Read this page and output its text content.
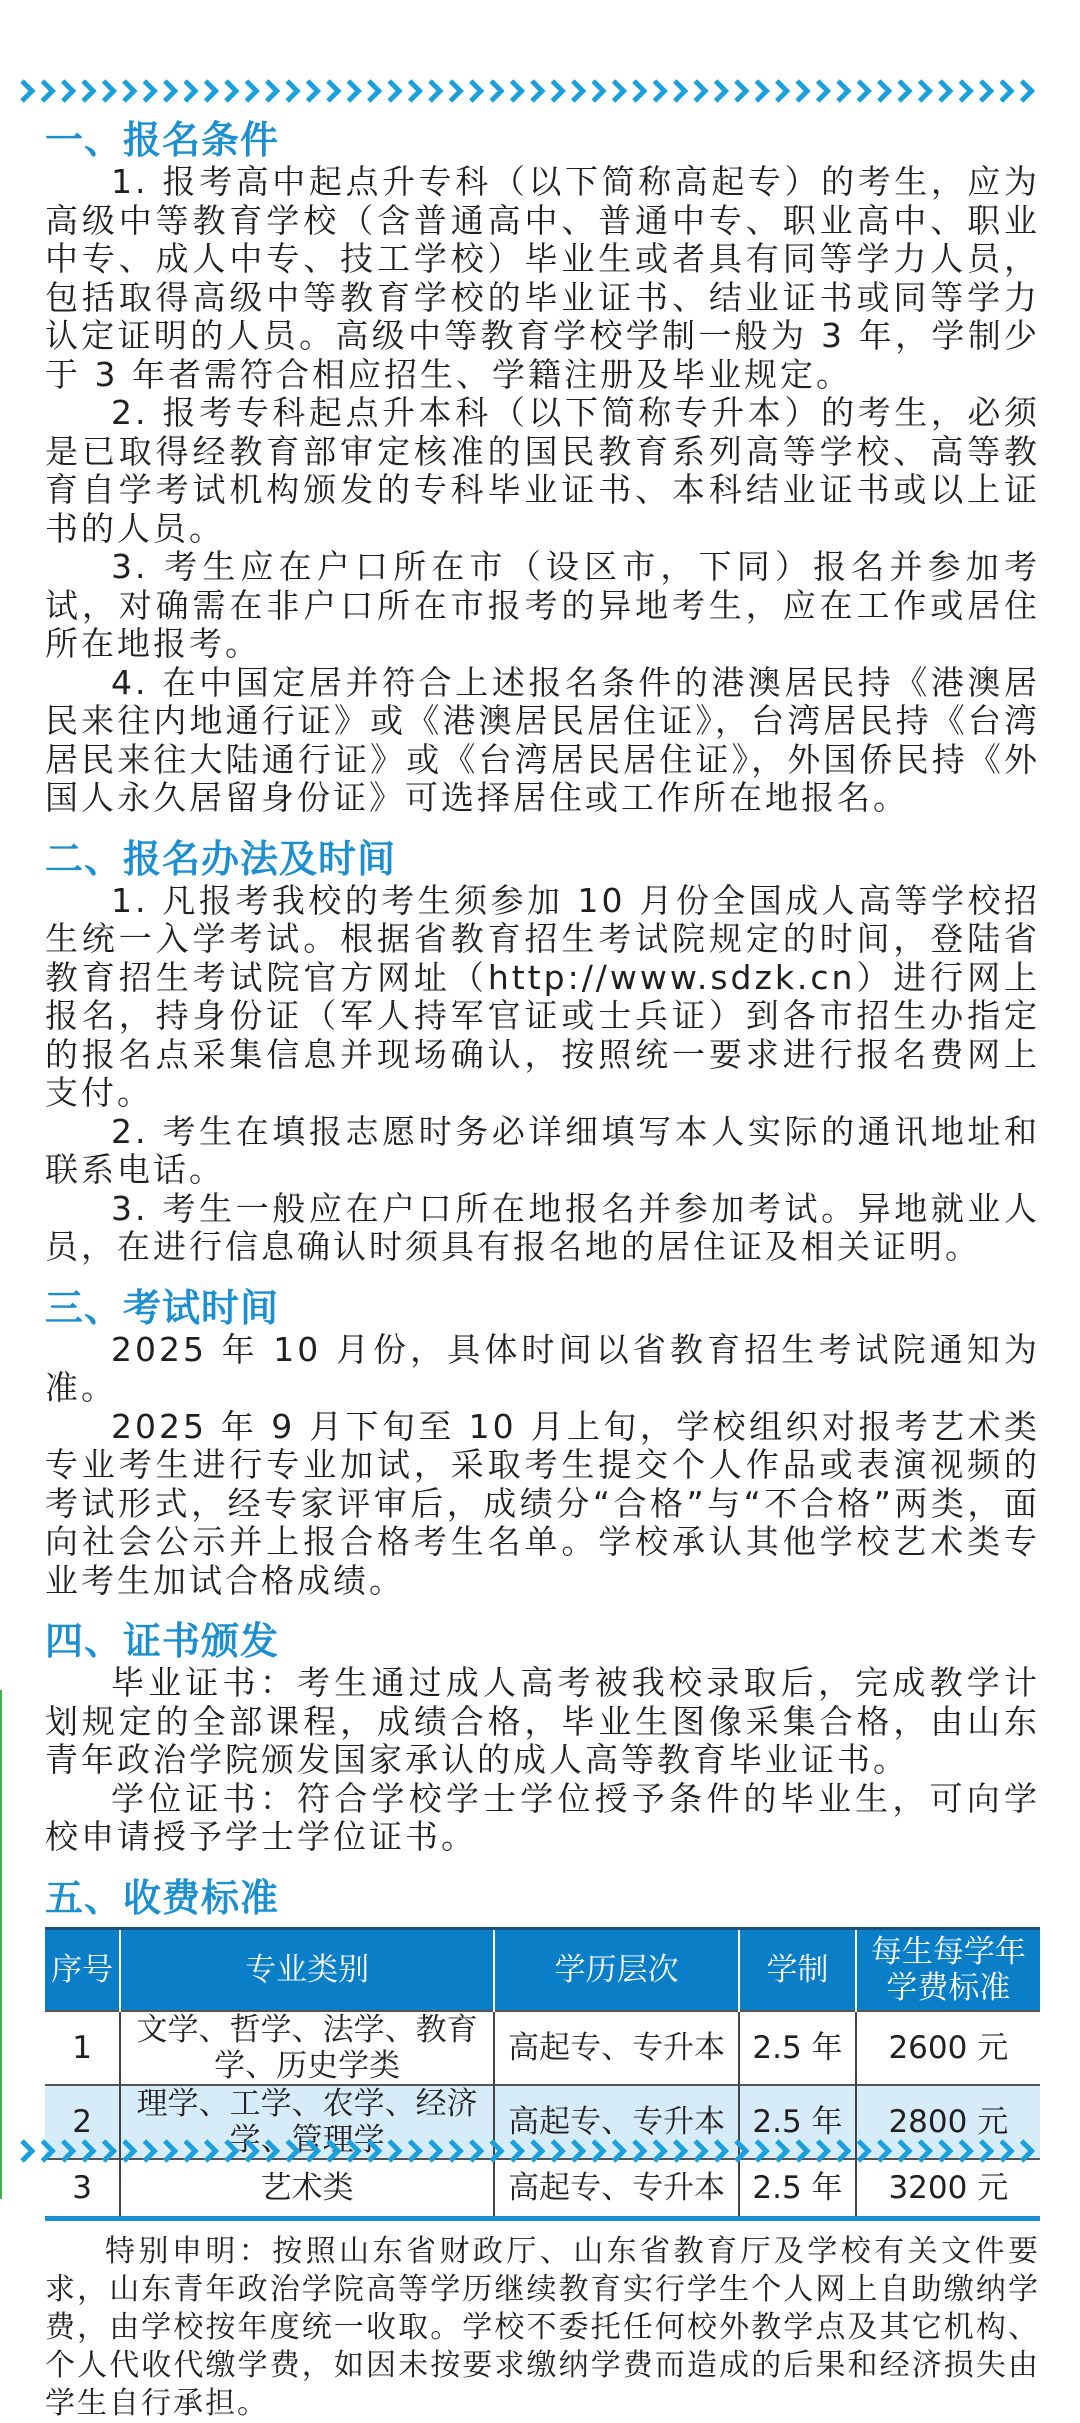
一、报名条件

1. 报考高中起点升专科（以下简称高起专）的考生，应为高级中等教育学校（含普通高中、普通中专、职业高中、职业中专、成人中专、技工学校）毕业生或者具有同等学力人员，包括取得高级中等教育学校的毕业证书、结业证书或同等学力认定证明的人员。高级中等教育学校学制一般为 3 年，学制少于 3 年者需符合相应招生、学籍注册及毕业规定。

2. 报考专科起点升本科（以下简称专升本）的考生，必须是已取得经教育部审定核准的国民教育系列高等学校、高等教育自学考试机构颁发的专科毕业证书、本科结业证书或以上证书的人员。

3. 考生应在户口所在市（设区市，下同）报名并参加考试，对确需在非户口所在市报考的异地考生，应在工作或居住所在地报考。

4. 在中国定居并符合上述报名条件的港澳居民持《港澳居民来往内地通行证》或《港澳居民居住证》，台湾居民持《台湾居民来往大陆通行证》或《台湾居民居住证》，外国侨民持《外国人永久居留身份证》可选择居住或工作所在地报名。

二、报名办法及时间

1. 凡报考我校的考生须参加 10 月份全国成人高等学校招生统一入学考试。根据省教育招生考试院规定的时间，登陆省教育招生考试院官方网址（http://www.sdzk.cn）进行网上报名，持身份证（军人持军官证或士兵证）到各市招生办指定的报名点采集信息并现场确认，按照统一要求进行报名费网上支付。

2. 考生在填报志愿时务必详细填写本人实际的通讯地址和联系电话。

3. 考生一般应在户口所在地报名并参加考试。异地就业人员，在进行信息确认时须具有报名地的居住证及相关证明。

三、考试时间

2025 年 10 月份，具体时间以省教育招生考试院通知为准。

2025 年 9 月下旬至 10 月上旬，学校组织对报考艺术类专业考生进行专业加试，采取考生提交个人作品或表演视频的考试形式，经专家评审后，成绩分“合格”与“不合格”两类，面向社会公示并上报合格考生名单。学校承认其他学校艺术类专业考生加试合格成绩。

四、证书颁发

毕业证书：考生通过成人高考被我校录取后，完成教学计划规定的全部课程，成绩合格，毕业生图像采集合格，由山东青年政治学院颁发国家承认的成人高等教育毕业证书。

学位证书：符合学校学士学位授予条件的毕业生，可向学校申请授予学士学位证书。

五、收费标准
序号	专业类别	学历层次	学制	每生每学年学费标准
1	文学、哲学、法学、教育学、历史学类	高起专、专升本	2.5 年	2600 元
2	理学、工学、农学、经济学、管理学	高起专、专升本	2.5 年	2800 元
3	艺术类	高起专、专升本	2.5 年	3200 元

特别申明：按照山东省财政厅、山东省教育厅及学校有关文件要求，山东青年政治学院高等学历继续教育实行学生个人网上自助缴纳学费，由学校按年度统一收取。学校不委托任何校外教学点及其它机构、个人代收代缴学费，如因未按要求缴纳学费而造成的后果和经济损失由学生自行承担。
